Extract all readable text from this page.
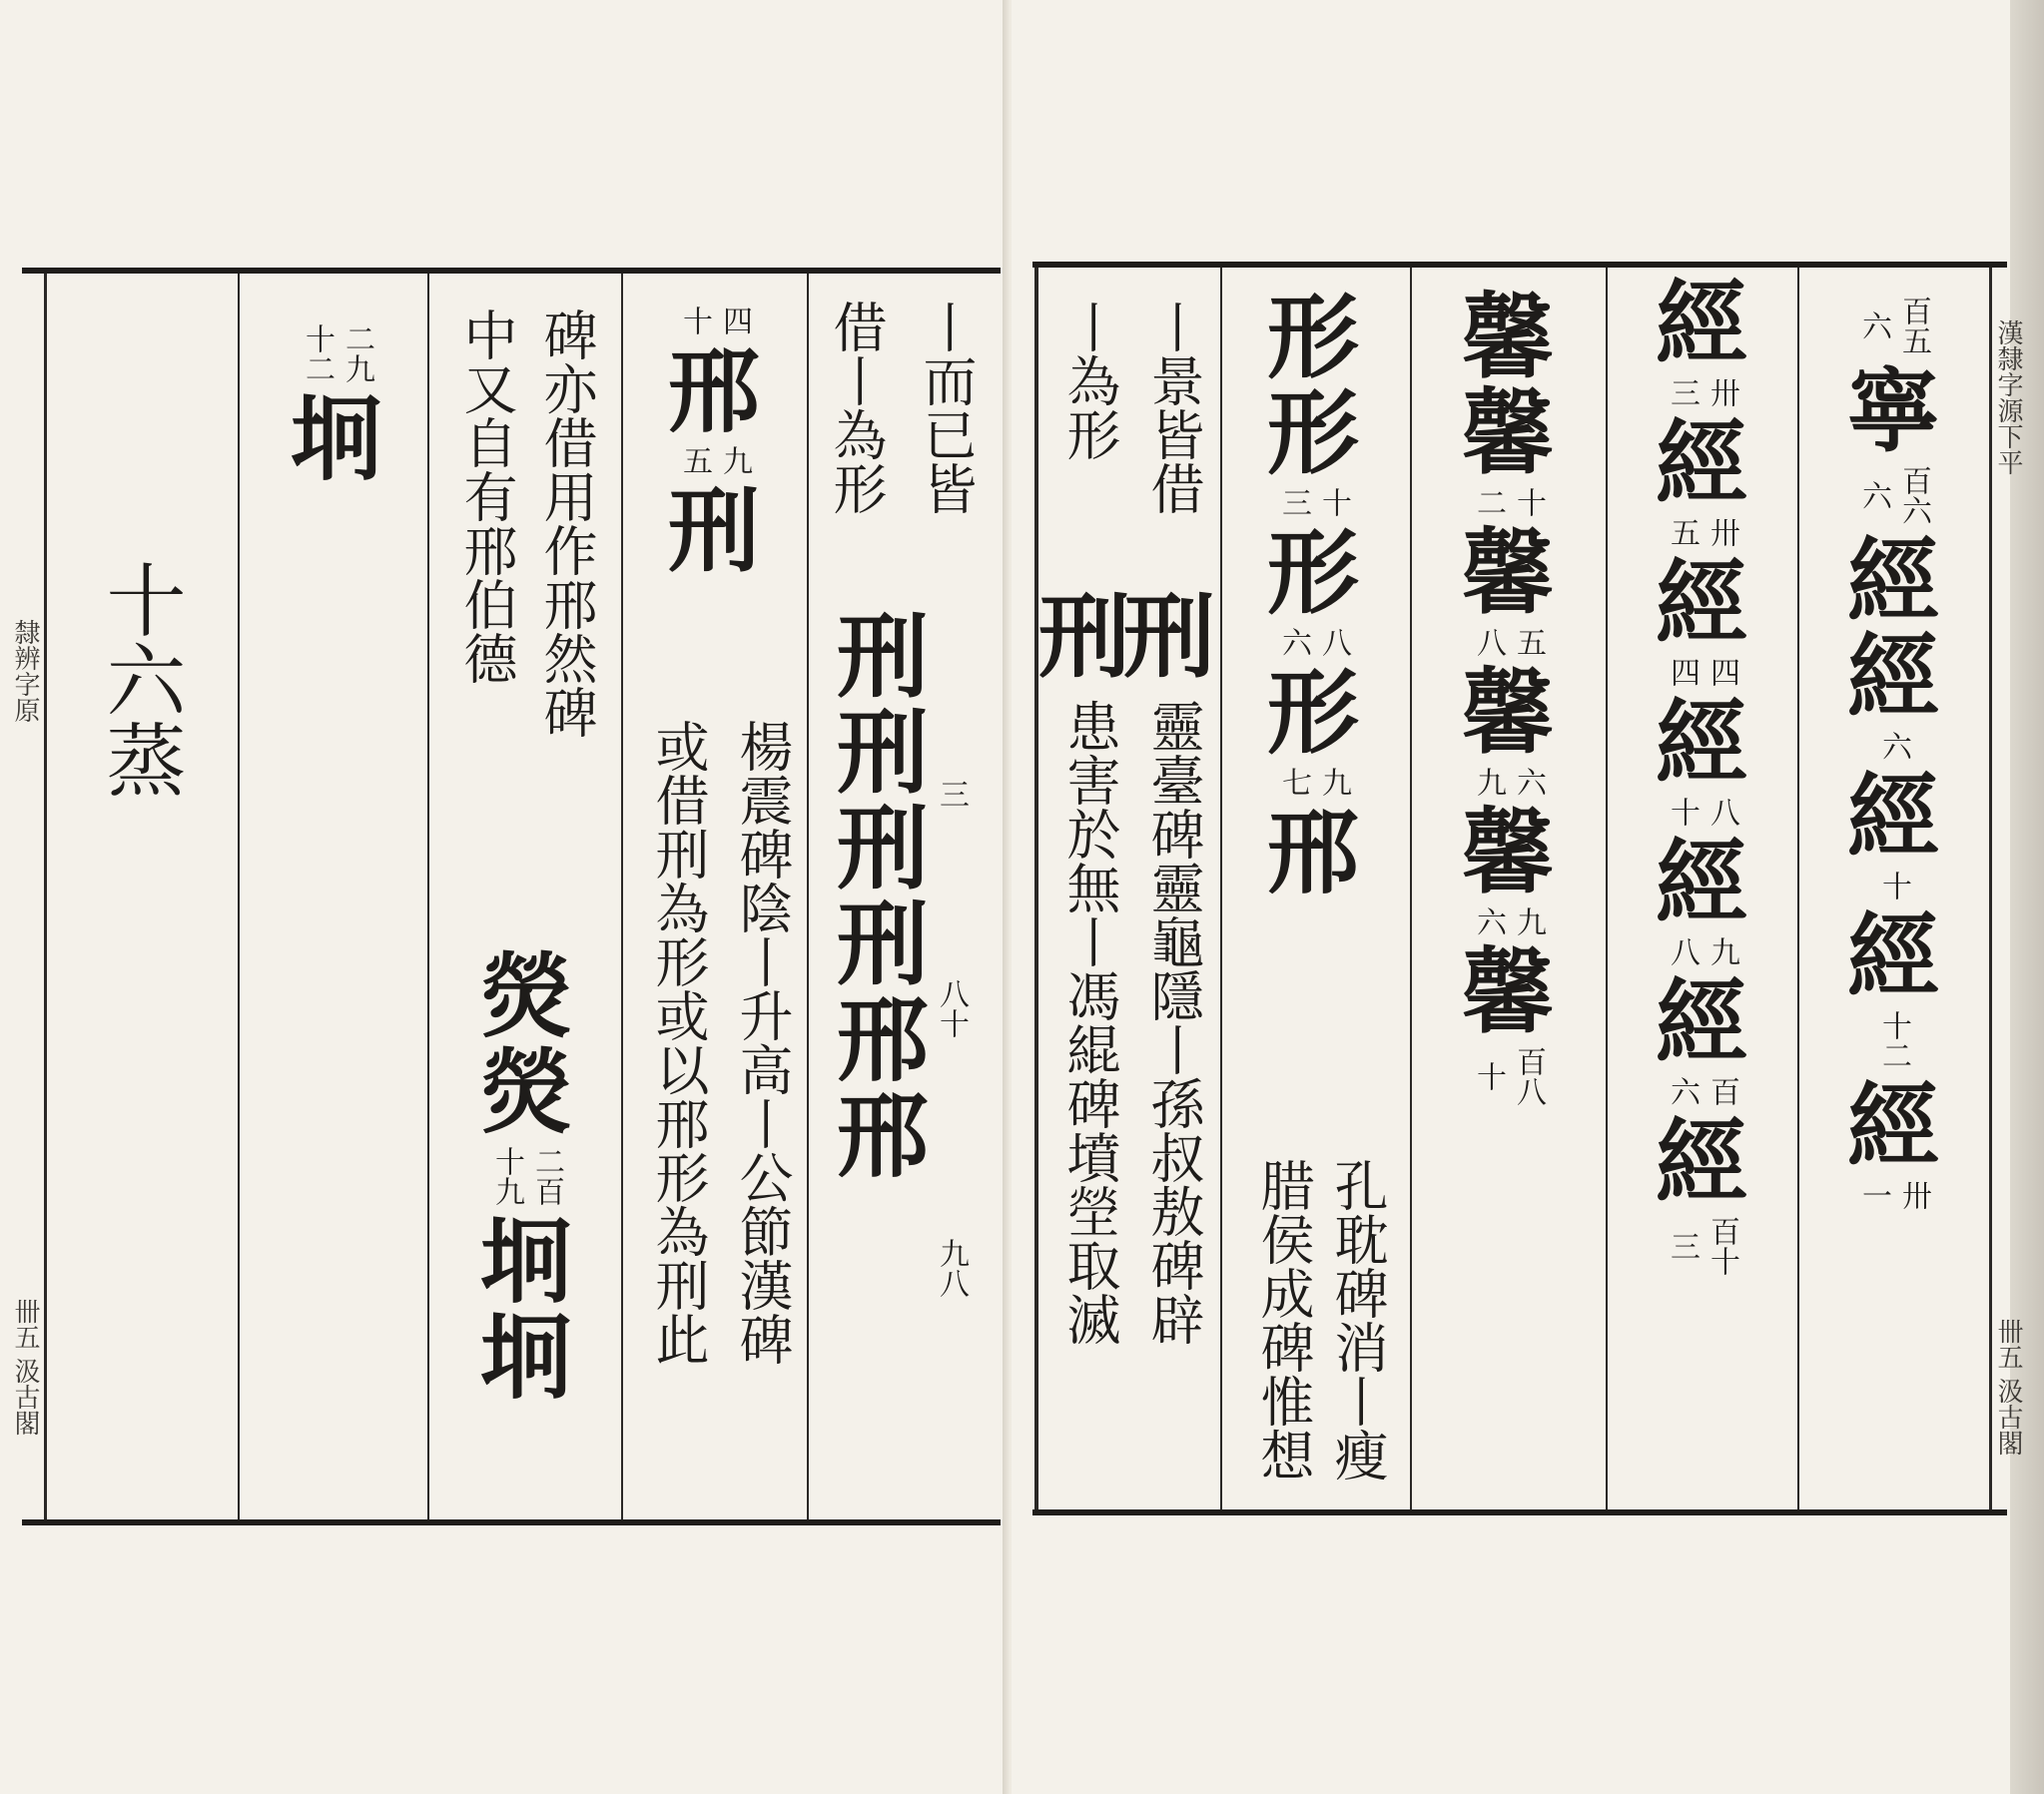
隸辨字原
卌五 汲古閣
十六蒸
二九
十二
坰	碑亦借用作邢然碑
中又自有邢伯德
熒
熒
二百
十九
坰
坰
四
十
邢
九
五
刑
或借刑為形或以邢形為刑此 楊震碑陰丨升高丨公節漢碑
借丨為形
刑
刑
刑
刑
邢
邢
丨而已皆
三
八十
九八
漢隸字源下平
卌五 汲古閣
丨景皆借
刑
靈臺碑靈龜隱丨孫叔敖碑辟
丨為形
刑
患害於無丨馮緄碑墳塋取滅
形
形
十
三
形
八
六
形
九
七
邢
孔耽碑消丨瘦
腊侯成碑惟想
馨
馨
十
二
馨
五
八
馨
六
九
馨
九
六
馨
百八
十
經
卅
三
經
卅
五
經
四
四
經
八
十
經
九
八
經
百
六
經
百十
三
百五
六
寧
百六
六
經
經
六
經
十
經
十二
經
卅
一
